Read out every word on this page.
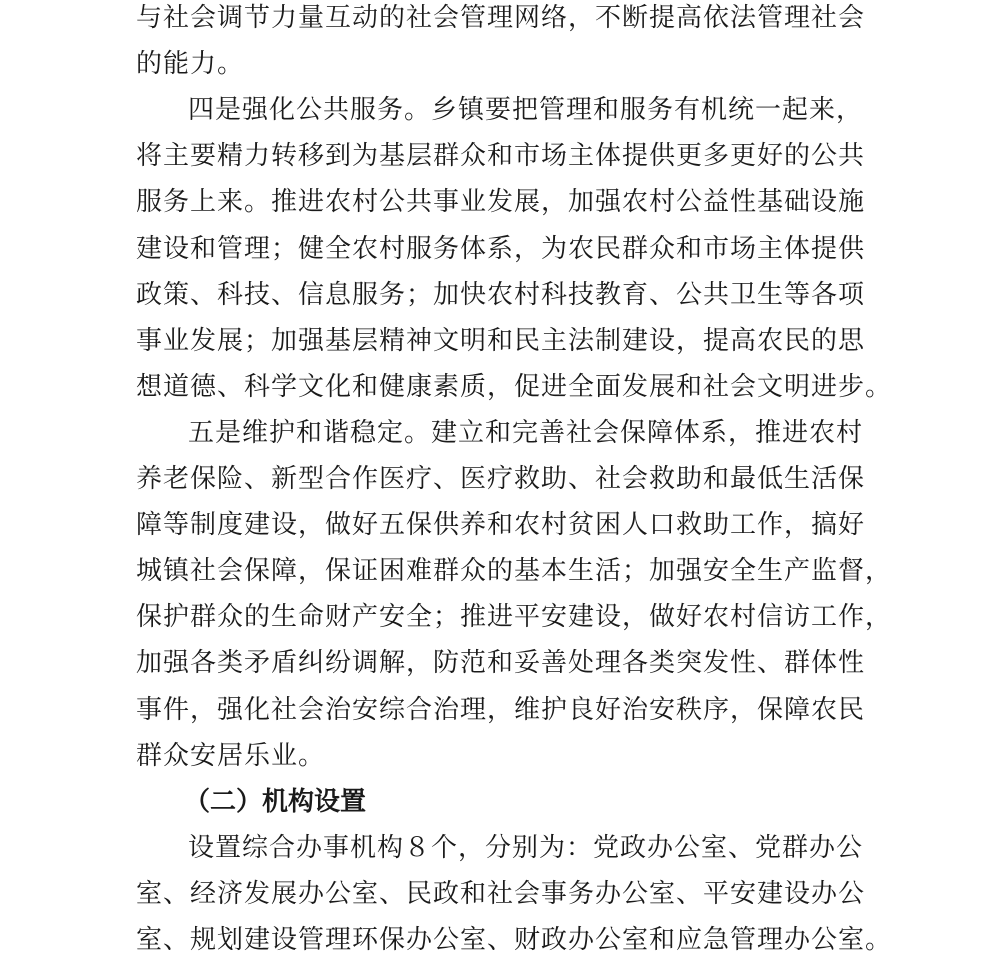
与社会调节力量互动的社会管理网络，不断提高依法管理社会
的能力。
四是强化公共服务。乡镇要把管理和服务有机统一起来，
将主要精力转移到为基层群众和市场主体提供更多更好的公共
服务上来。推进农村公共事业发展，加强农村公益性基础设施
建设和管理；健全农村服务体系，为农民群众和市场主体提供
政策、科技、信息服务；加快农村科技教育、公共卫生等各项
事业发展；加强基层精神文明和民主法制建设，提高农民的思
想道德、科学文化和健康素质，促进全面发展和社会文明进步。
五是维护和谐稳定。建立和完善社会保障体系，推进农村
养老保险、新型合作医疗、医疗救助、社会救助和最低生活保
障等制度建设，做好五保供养和农村贫困人口救助工作，搞好
城镇社会保障，保证困难群众的基本生活；加强安全生产监督，
保护群众的生命财产安全；推进平安建设，做好农村信访工作，
加强各类矛盾纠纷调解，防范和妥善处理各类突发性、群体性
事件，强化社会治安综合治理，维护良好治安秩序，保障农民
群众安居乐业。
（二）机构设置
设置综合办事机构８个，分别为：党政办公室、党群办公
室、经济发展办公室、民政和社会事务办公室、平安建设办公
室、规划建设管理环保办公室、财政办公室和应急管理办公室。
